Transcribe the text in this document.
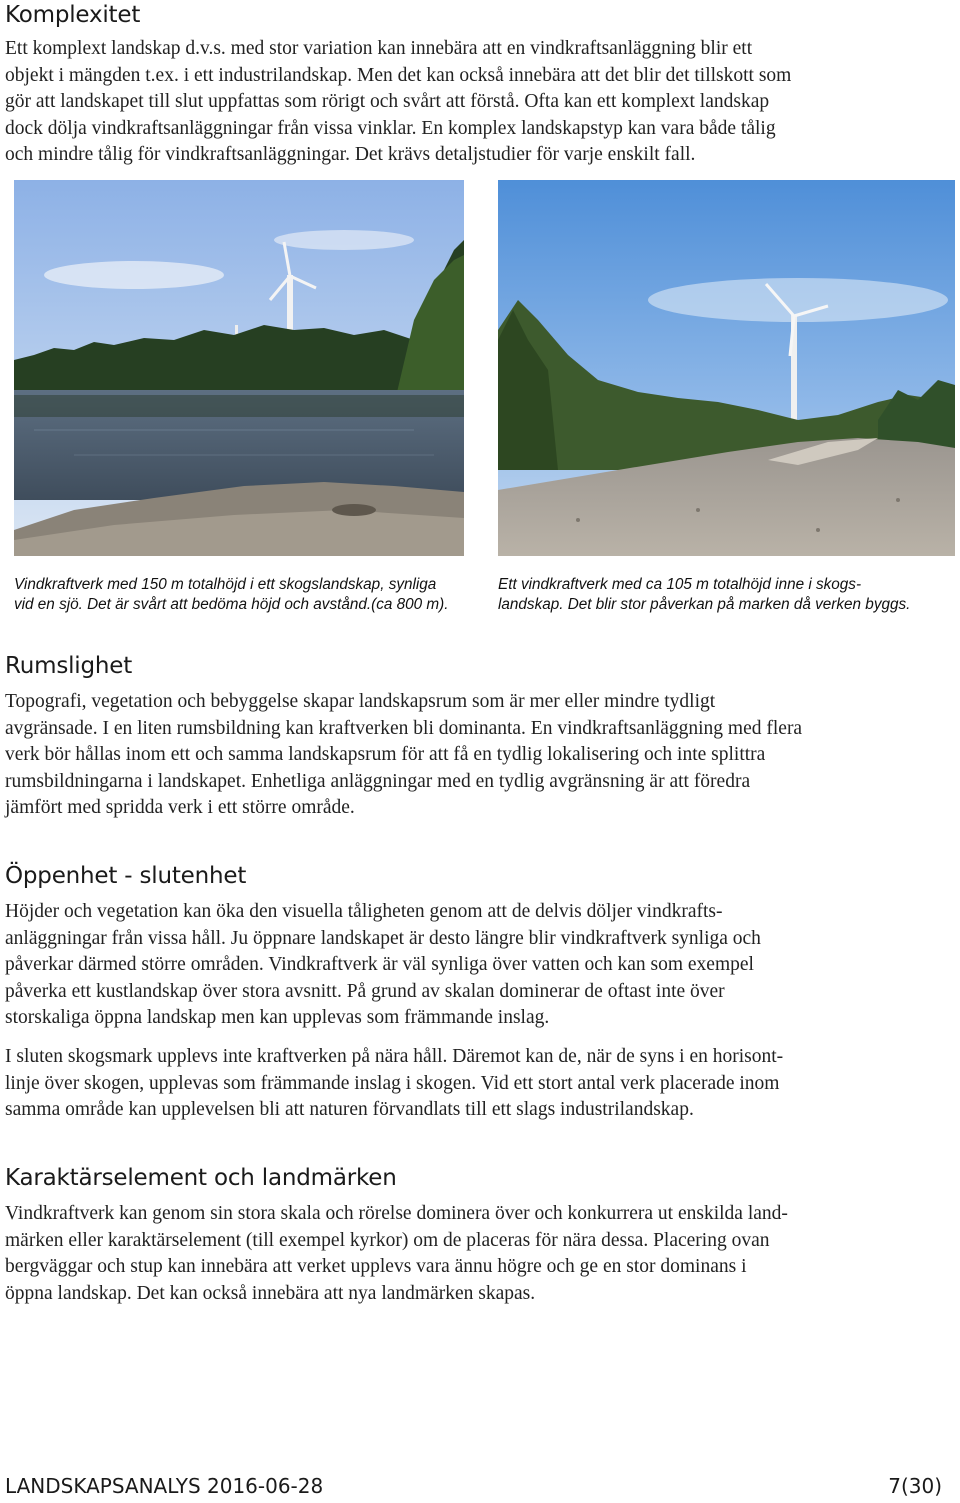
Komplexitet
Ett komplext landskap d.v.s. med stor variation kan innebära att en vindkraftsanläggning blir ett
objekt i mängden t.ex. i ett industrilandskap. Men det kan också innebära att det blir det tillskott som
gör att landskapet till slut uppfattas som rörigt och svårt att förstå. Ofta kan ett komplext landskap
dock dölja vindkraftsanläggningar från vissa vinklar. En komplex landskapstyp kan vara både tålig
och mindre tålig för vindkraftsanläggningar. Det krävs detaljstudier för varje enskilt fall.
Vindkraftverk med 150 m totalhöjd i ett skogslandskap, synliga
vid en sjö. Det är svårt att bedöma höjd och avstånd.(ca 800 m).
Ett vindkraftverk med ca 105 m totalhöjd inne i skogs-
landskap. Det blir stor påverkan på marken då verken byggs.
Rumslighet
Topografi, vegetation och bebyggelse skapar landskapsrum som är mer eller mindre tydligt
avgränsade. I en liten rumsbildning kan kraftverken bli dominanta. En vindkraftsanläggning med flera
verk bör hållas inom ett och samma landskapsrum för att få en tydlig lokalisering och inte splittra
rumsbildningarna i landskapet. Enhetliga anläggningar med en tydlig avgränsning är att föredra
jämfört med spridda verk i ett större område.
Öppenhet - slutenhet
Höjder och vegetation kan öka den visuella tåligheten genom att de delvis döljer vindkrafts-
anläggningar från vissa håll. Ju öppnare landskapet är desto längre blir vindkraftverk synliga och
påverkar därmed större områden. Vindkraftverk är väl synliga över vatten och kan som exempel
påverka ett kustlandskap över stora avsnitt. På grund av skalan dominerar de oftast inte över
storskaliga öppna landskap men kan upplevas som främmande inslag.
I sluten skogsmark upplevs inte kraftverken på nära håll. Däremot kan de, när de syns i en horisont-
linje över skogen, upplevas som främmande inslag i skogen. Vid ett stort antal verk placerade inom
samma område kan upplevelsen bli att naturen förvandlats till ett slags industrilandskap.
Karaktärselement och landmärken
Vindkraftverk kan genom sin stora skala och rörelse dominera över och konkurrera ut enskilda land-
märken eller karaktärselement (till exempel kyrkor) om de placeras för nära dessa. Placering ovan
bergväggar och stup kan innebära att verket upplevs vara ännu högre och ge en stor dominans i
öppna landskap. Det kan också innebära att nya landmärken skapas.
LANDSKAPSANALYS 2016-06-28	7(30)
